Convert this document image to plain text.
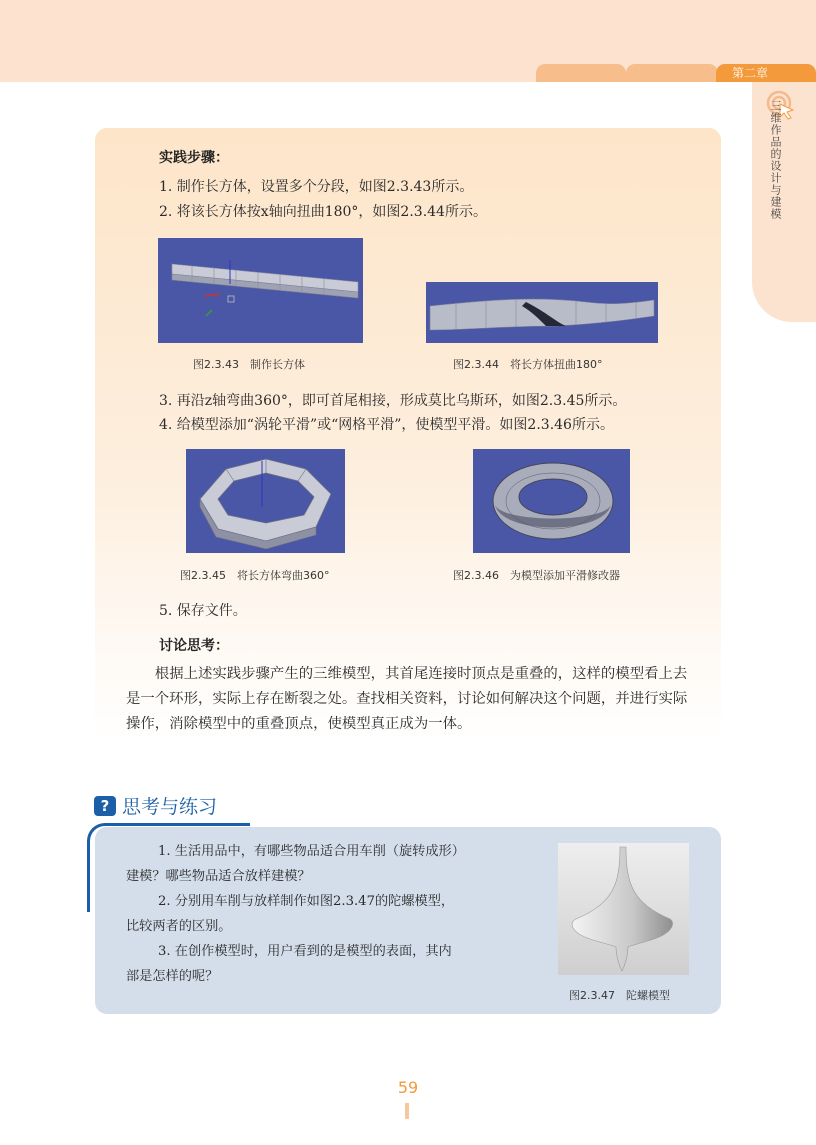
第二章
三维作品的设计与建模
实践步骤：
1. 制作长方体，设置多个分段，如图2.3.43所示。
2. 将该长方体按x轴向扭曲180°，如图2.3.44所示。
图2.3.43　制作长方体	图2.3.44　将长方体扭曲180°
3. 再沿z轴弯曲360°，即可首尾相接，形成莫比乌斯环，如图2.3.45所示。
4. 给模型添加“涡轮平滑”或“网格平滑”，使模型平滑。如图2.3.46所示。
图2.3.45　将长方体弯曲360°	图2.3.46　为模型添加平滑修改器
5. 保存文件。
讨论思考：
根据上述实践步骤产生的三维模型，其首尾连接时顶点是重叠的，这样的模型看上去是一个环形，实际上存在断裂之处。查找相关资料，讨论如何解决这个问题，并进行实际操作，消除模型中的重叠顶点，使模型真正成为一体。
? 思考与练习
1. 生活用品中，有哪些物品适合用车削（旋转成形）
建模？哪些物品适合放样建模？
2. 分别用车削与放样制作如图2.3.47的陀螺模型，
比较两者的区别。
3. 在创作模型时，用户看到的是模型的表面，其内
部是怎样的呢？
图2.3.47　陀螺模型
59
